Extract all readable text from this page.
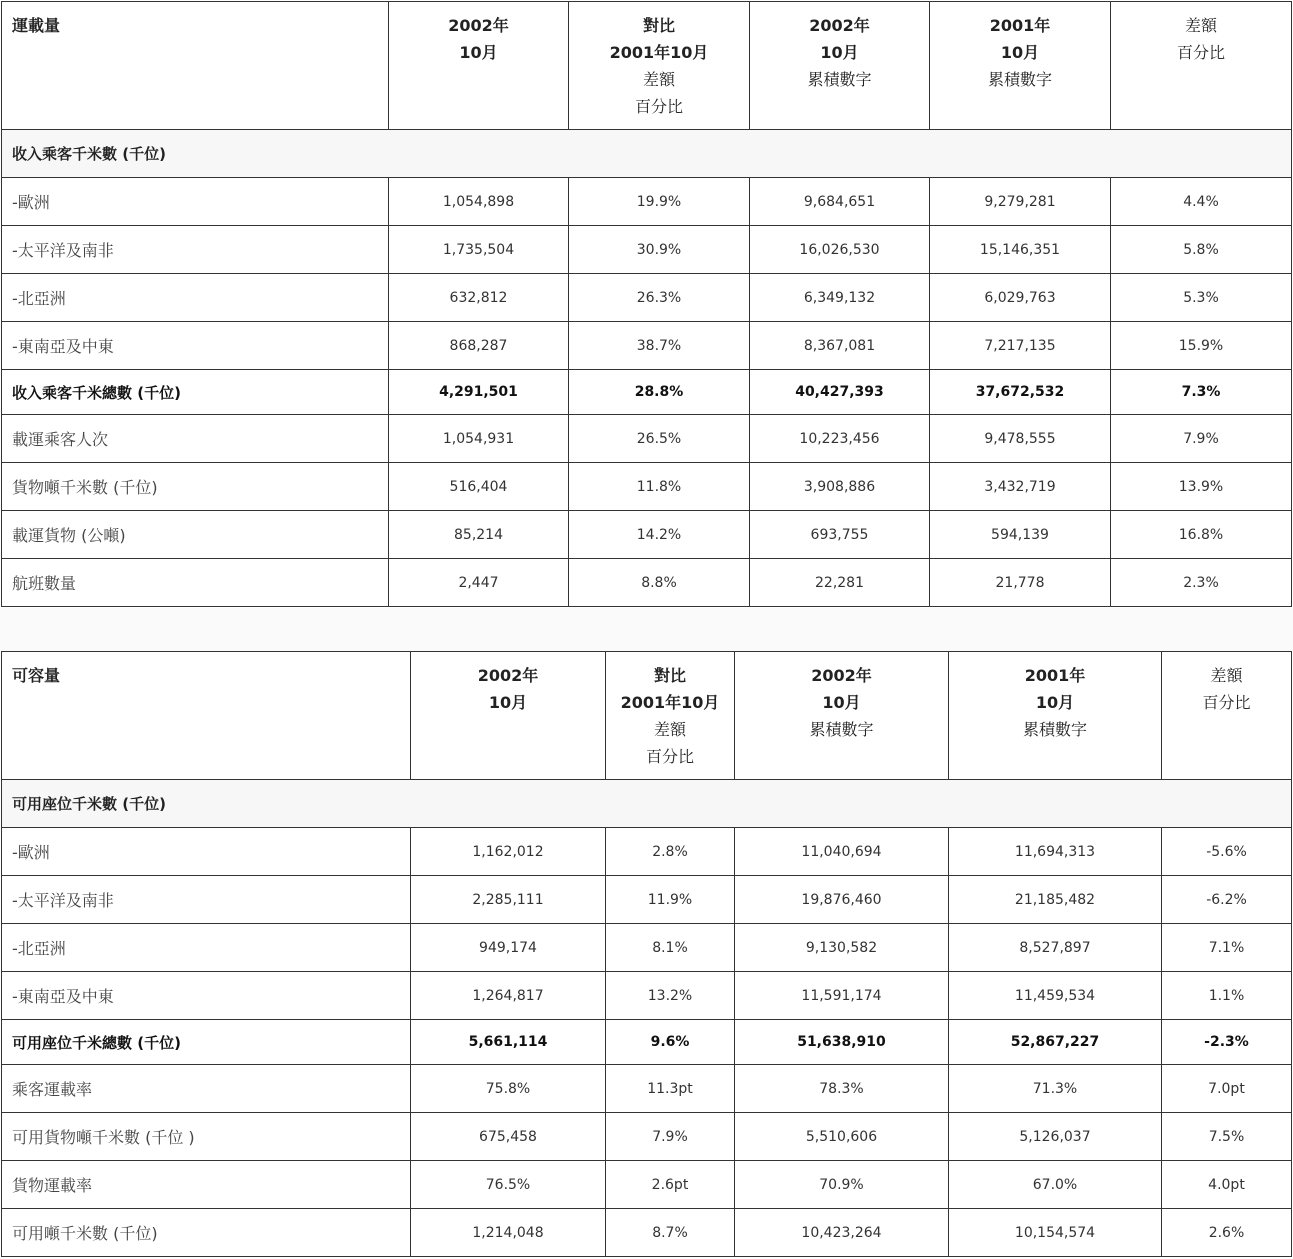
運載量	2002年
10月	對比
2001年10月
差額
百分比	2002年
10月
累積數字	2001年
10月
累積數字	差額
百分比

收入乘客千米數 (千位)					
-歐洲	1,054,898	19.9%	9,684,651	9,279,281	4.4%
-太平洋及南非	1,735,504	30.9%	16,026,530	15,146,351	5.8%
-北亞洲	632,812	26.3%	6,349,132	6,029,763	5.3%
-東南亞及中東	868,287	38.7%	8,367,081	7,217,135	15.9%
收入乘客千米總數 (千位)	4,291,501	28.8%	40,427,393	37,672,532	7.3%
載運乘客人次	1,054,931	26.5%	10,223,456	9,478,555	7.9%
貨物噸千米數 (千位)	516,404	11.8%	3,908,886	3,432,719	13.9%
載運貨物 (公噸)	85,214	14.2%	693,755	594,139	16.8%
航班數量	2,447	8.8%	22,281	21,778	2.3%
可容量	2002年
10月	對比
2001年10月
差額
百分比	2002年
10月
累積數字	2001年
10月
累積數字	差額
百分比

可用座位千米數 (千位)					
-歐洲	1,162,012	2.8%	11,040,694	11,694,313	-5.6%
-太平洋及南非	2,285,111	11.9%	19,876,460	21,185,482	-6.2%
-北亞洲	949,174	8.1%	9,130,582	8,527,897	7.1%
-東南亞及中東	1,264,817	13.2%	11,591,174	11,459,534	1.1%
可用座位千米總數 (千位)	5,661,114	9.6%	51,638,910	52,867,227	-2.3%
乘客運載率	75.8%	11.3pt	78.3%	71.3%	7.0pt
可用貨物噸千米數 (千位 )	675,458	7.9%	5,510,606	5,126,037	7.5%
貨物運載率	76.5%	2.6pt	70.9%	67.0%	4.0pt
可用噸千米數 (千位)	1,214,048	8.7%	10,423,264	10,154,574	2.6%
